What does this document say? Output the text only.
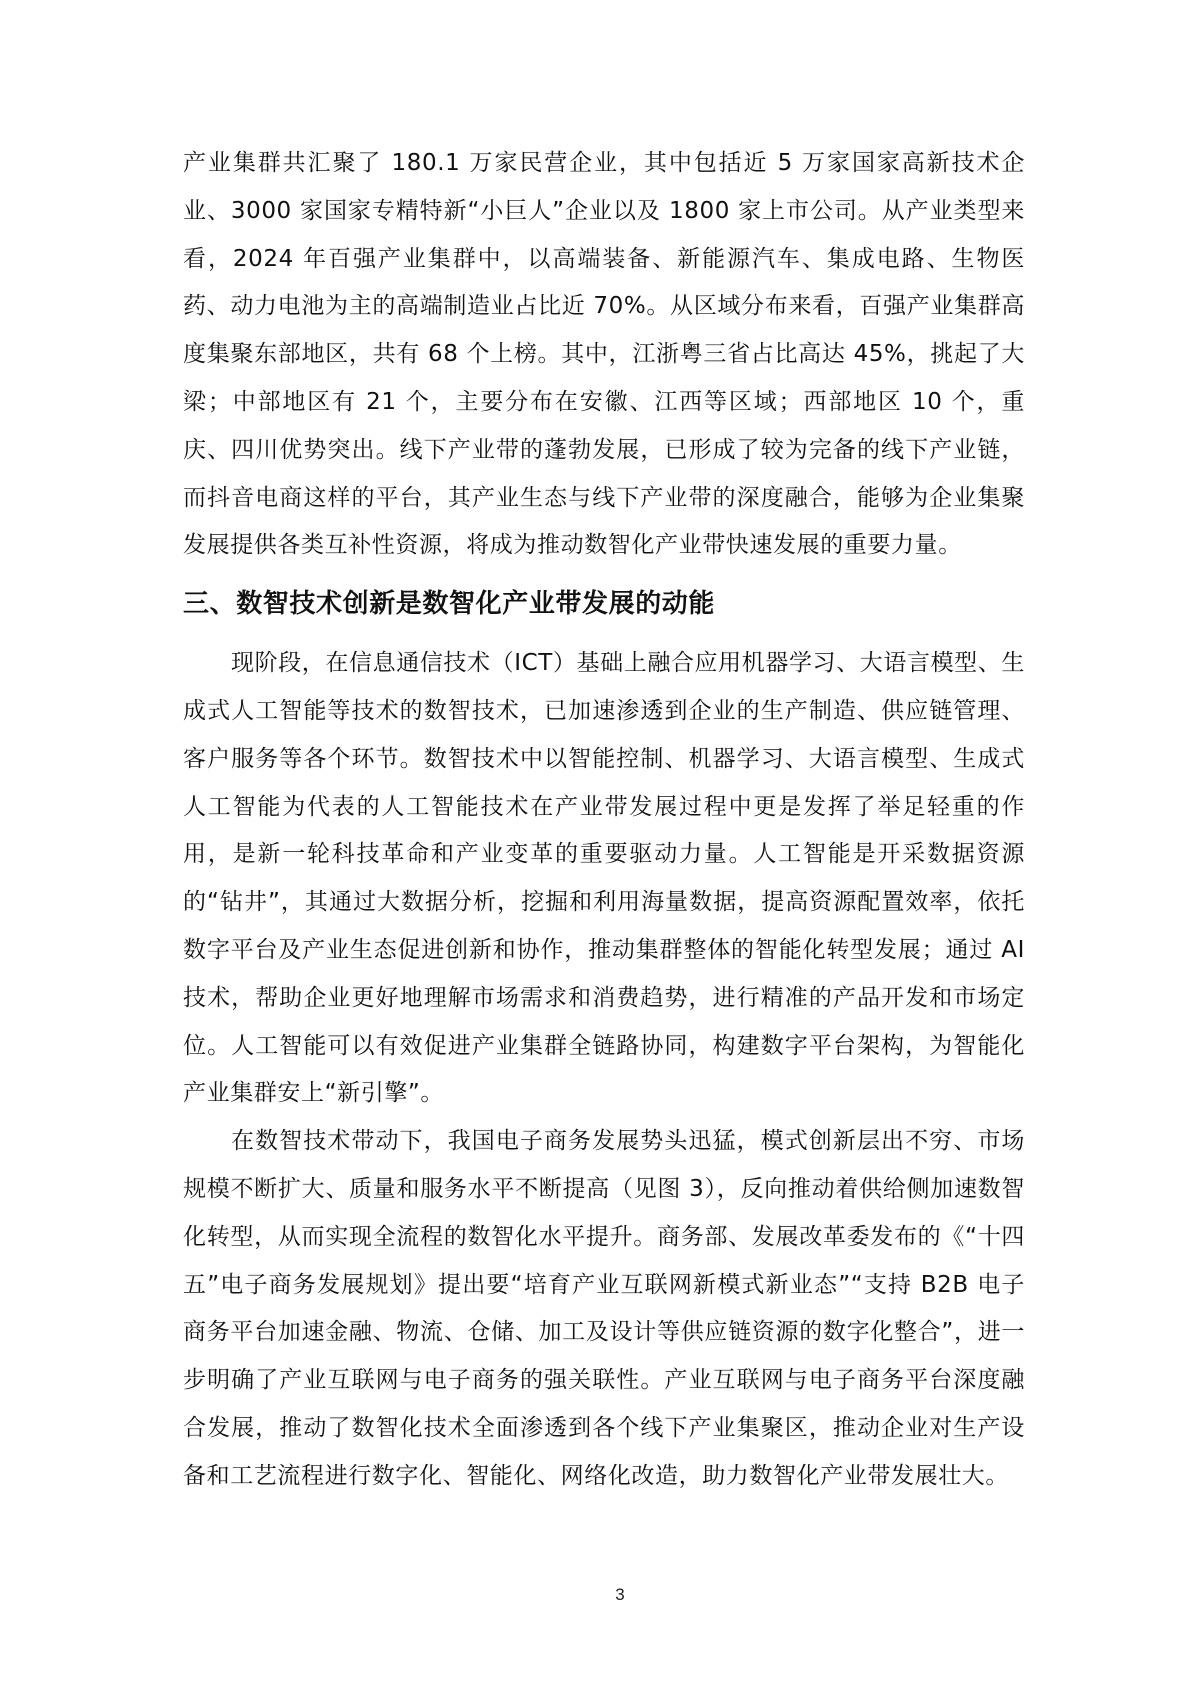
产业集群共汇聚了 180.1 万家民营企业，其中包括近 5 万家国家高新技术企业、3000 家国家专精特新“小巨人”企业以及 1800 家上市公司。从产业类型来看，2024 年百强产业集群中，以高端装备、新能源汽车、集成电路、生物医药、动力电池为主的高端制造业占比近 70%。从区域分布来看，百强产业集群高度集聚东部地区，共有 68 个上榜。其中，江浙粤三省占比高达 45%，挑起了大梁；中部地区有 21 个，主要分布在安徽、江西等区域；西部地区 10 个，重庆、四川优势突出。线下产业带的蓬勃发展，已形成了较为完备的线下产业链，而抖音电商这样的平台，其产业生态与线下产业带的深度融合，能够为企业集聚发展提供各类互补性资源，将成为推动数智化产业带快速发展的重要力量。

三、数智技术创新是数智化产业带发展的动能

现阶段，在信息通信技术（ICT）基础上融合应用机器学习、大语言模型、生成式人工智能等技术的数智技术，已加速渗透到企业的生产制造、供应链管理、客户服务等各个环节。数智技术中以智能控制、机器学习、大语言模型、生成式人工智能为代表的人工智能技术在产业带发展过程中更是发挥了举足轻重的作用，是新一轮科技革命和产业变革的重要驱动力量。人工智能是开采数据资源的“钻井”，其通过大数据分析，挖掘和利用海量数据，提高资源配置效率，依托数字平台及产业生态促进创新和协作，推动集群整体的智能化转型发展；通过 AI 技术，帮助企业更好地理解市场需求和消费趋势，进行精准的产品开发和市场定位。人工智能可以有效促进产业集群全链路协同，构建数字平台架构，为智能化产业集群安上“新引擎”。

在数智技术带动下，我国电子商务发展势头迅猛，模式创新层出不穷、市场规模不断扩大、质量和服务水平不断提高（见图 3），反向推动着供给侧加速数智化转型，从而实现全流程的数智化水平提升。商务部、发展改革委发布的《“十四五”电子商务发展规划》提出要“培育产业互联网新模式新业态”“支持 B2B 电子商务平台加速金融、物流、仓储、加工及设计等供应链资源的数字化整合”，进一步明确了产业互联网与电子商务的强关联性。产业互联网与电子商务平台深度融合发展，推动了数智化技术全面渗透到各个线下产业集聚区，推动企业对生产设备和工艺流程进行数字化、智能化、网络化改造，助力数智化产业带发展壮大。

3
